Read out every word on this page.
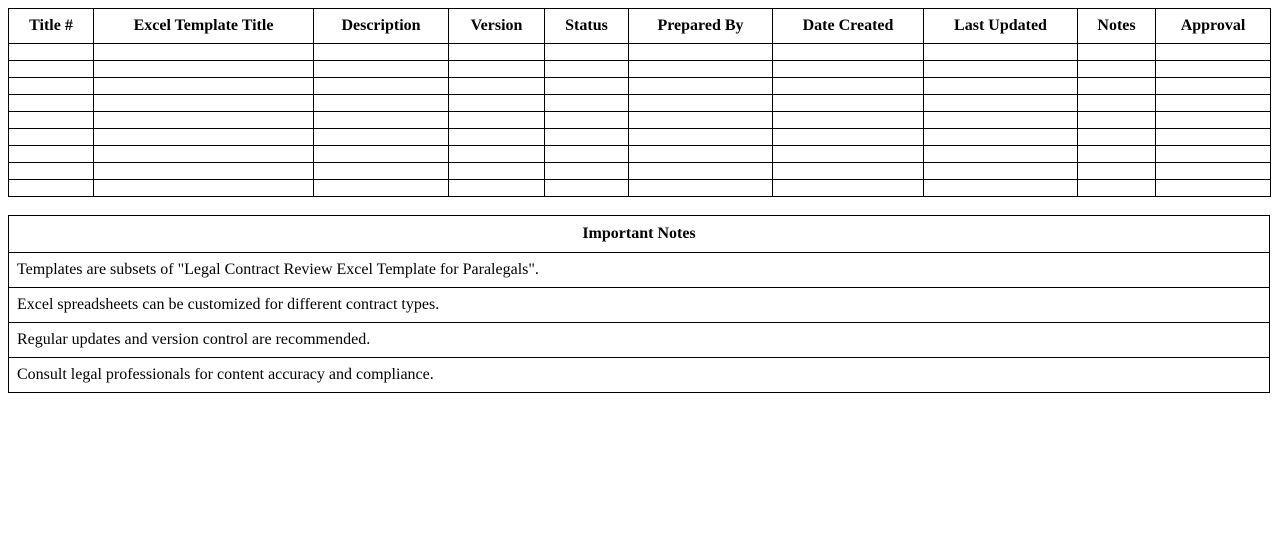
Title #	Excel Template Title	Description	Version	Status	Prepared By	Date Created	Last Updated	Notes	Approval

Important Notes
Templates are subsets of "Legal Contract Review Excel Template for Paralegals".
Excel spreadsheets can be customized for different contract types.
Regular updates and version control are recommended.
Consult legal professionals for content accuracy and compliance.
